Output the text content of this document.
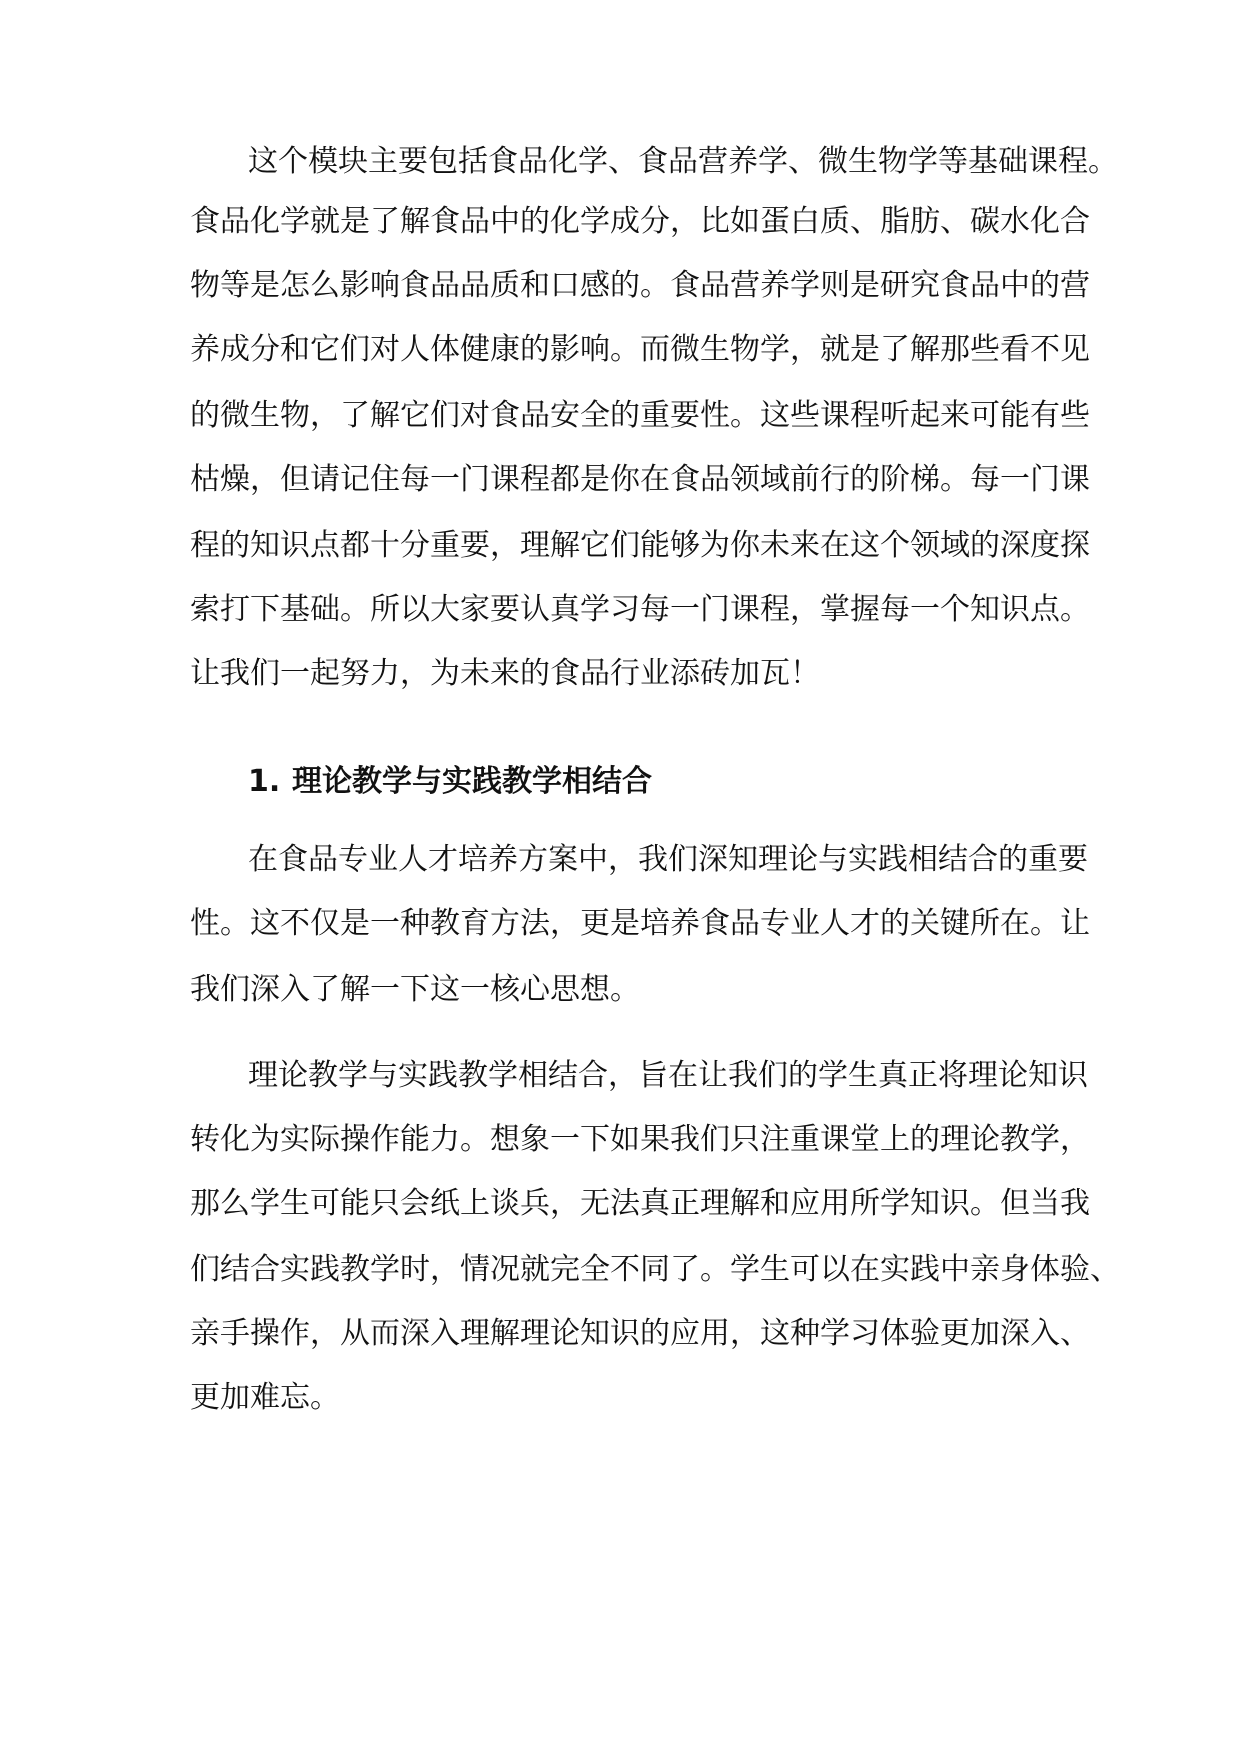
这个模块主要包括食品化学、食品营养学、微生物学等基础课程。
食品化学就是了解食品中的化学成分，比如蛋白质、脂肪、碳水化合
物等是怎么影响食品品质和口感的。食品营养学则是研究食品中的营
养成分和它们对人体健康的影响。而微生物学，就是了解那些看不见
的微生物，了解它们对食品安全的重要性。这些课程听起来可能有些
枯燥，但请记住每一门课程都是你在食品领域前行的阶梯。每一门课
程的知识点都十分重要，理解它们能够为你未来在这个领域的深度探
索打下基础。所以大家要认真学习每一门课程，掌握每一个知识点。
让我们一起努力，为未来的食品行业添砖加瓦！
1. 理论教学与实践教学相结合
在食品专业人才培养方案中，我们深知理论与实践相结合的重要
性。这不仅是一种教育方法，更是培养食品专业人才的关键所在。让
我们深入了解一下这一核心思想。
理论教学与实践教学相结合，旨在让我们的学生真正将理论知识
转化为实际操作能力。想象一下如果我们只注重课堂上的理论教学，
那么学生可能只会纸上谈兵，无法真正理解和应用所学知识。但当我
们结合实践教学时，情况就完全不同了。学生可以在实践中亲身体验、
亲手操作，从而深入理解理论知识的应用，这种学习体验更加深入、
更加难忘。
